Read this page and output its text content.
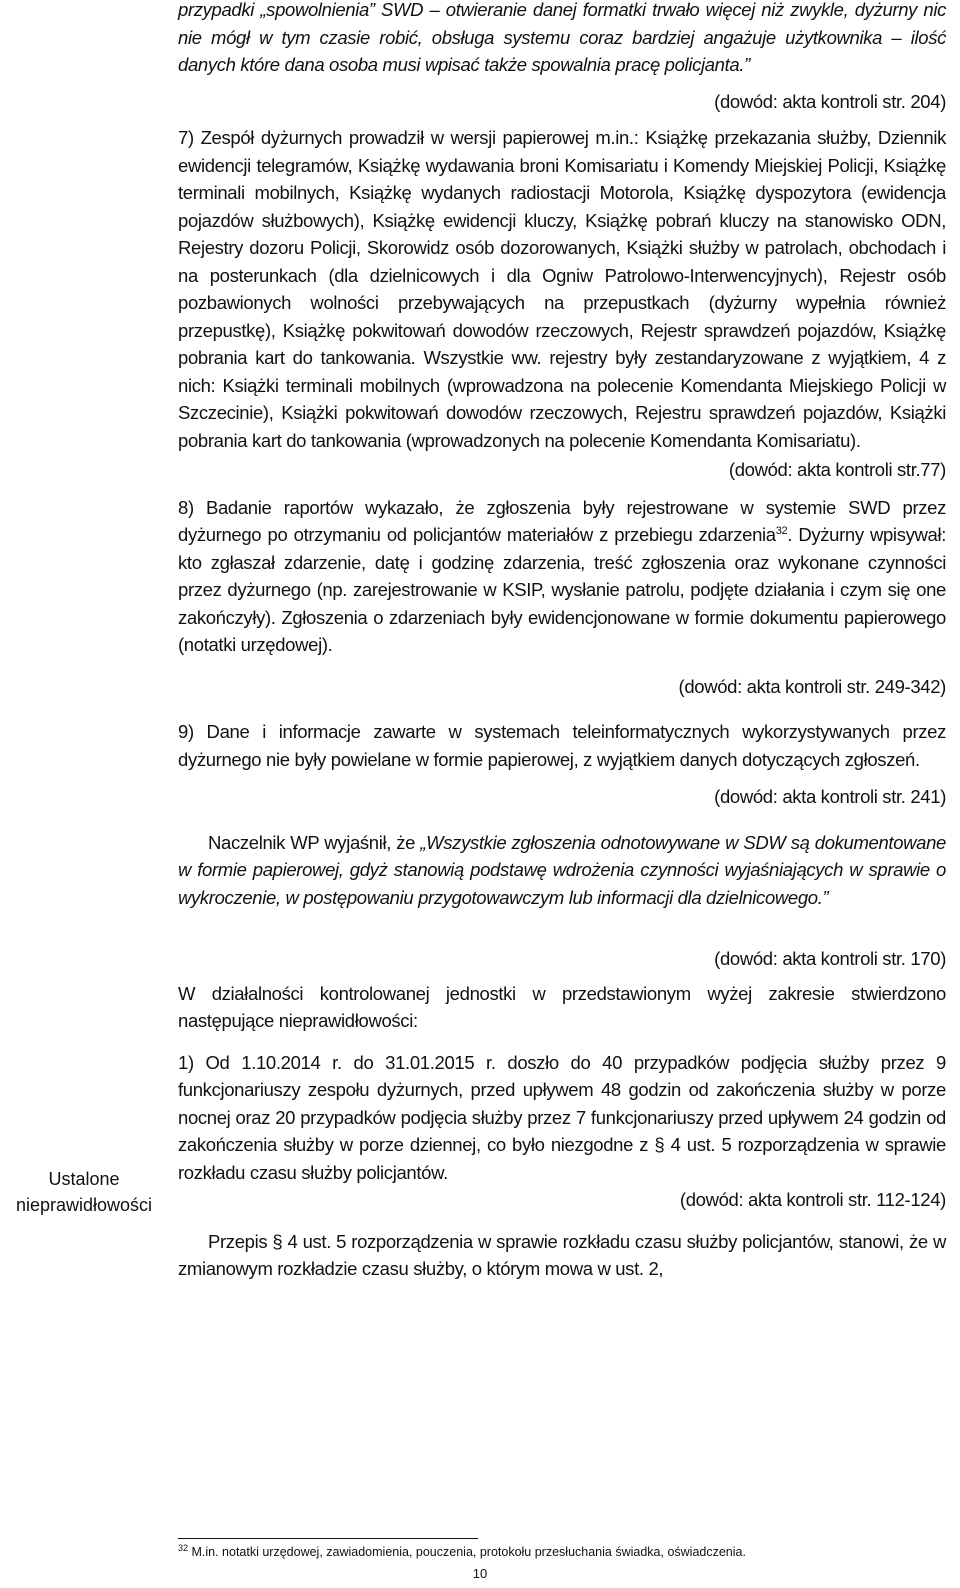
Ustalone
nieprawidłowości

przypadki „spowolnienia” SWD – otwieranie danej formatki trwało więcej niż zwykle, dyżurny nic nie mógł w tym czasie robić, obsługa systemu coraz bardziej angażuje użytkownika – ilość danych które dana osoba musi wpisać także spowalnia pracę policjanta.”

(dowód: akta kontroli str. 204)

7) Zespół dyżurnych prowadził w wersji papierowej m.in.: Książkę przekazania służby, Dziennik ewidencji telegramów, Książkę wydawania broni Komisariatu i Komendy Miejskiej Policji, Książkę terminali mobilnych, Książkę wydanych radiostacji Motorola, Książkę dyspozytora (ewidencja pojazdów służbowych), Książkę ewidencji kluczy, Książkę pobrań kluczy na stanowisko ODN, Rejestry dozoru Policji, Skorowidz osób dozorowanych, Książki służby w patrolach, obchodach i na posterunkach (dla dzielnicowych i dla Ogniw Patrolowo-Interwencyjnych), Rejestr osób pozbawionych wolności przebywających na przepustkach (dyżurny wypełnia również przepustkę), Książkę pokwitowań dowodów rzeczowych, Rejestr sprawdzeń pojazdów, Książkę pobrania kart do tankowania. Wszystkie ww. rejestry były zestandaryzowane z wyjątkiem, 4 z nich: Książki terminali mobilnych (wprowadzona na polecenie Komendanta Miejskiego Policji w Szczecinie), Książki pokwitowań dowodów rzeczowych, Rejestru sprawdzeń pojazdów, Książki pobrania kart do tankowania (wprowadzonych na polecenie Komendanta Komisariatu).

(dowód: akta kontroli str.77)

8) Badanie raportów wykazało, że zgłoszenia były rejestrowane w systemie SWD przez dyżurnego po otrzymaniu od policjantów materiałów z przebiegu zdarzenia$^{32}$. Dyżurny wpisywał: kto zgłaszał zdarzenie, datę i godzinę zdarzenia, treść zgłoszenia oraz wykonane czynności przez dyżurnego (np. zarejestrowanie w KSIP, wysłanie patrolu, podjęte działania i czym się one zakończyły). Zgłoszenia o zdarzeniach były ewidencjonowane w formie dokumentu papierowego (notatki urzędowej).

(dowód: akta kontroli str. 249-342)

9) Dane i informacje zawarte w systemach teleinformatycznych wykorzystywanych przez dyżurnego nie były powielane w formie papierowej, z wyjątkiem danych dotyczących zgłoszeń.

(dowód: akta kontroli str. 241)

Naczelnik WP wyjaśnił, że „Wszystkie zgłoszenia odnotowywane w SDW są dokumentowane w formie papierowej, gdyż stanowią podstawę wdrożenia czynności wyjaśniających w sprawie o wykroczenie, w postępowaniu przygotowawczym lub informacji dla dzielnicowego.”

(dowód: akta kontroli str. 170)

W działalności kontrolowanej jednostki w przedstawionym wyżej zakresie stwierdzono następujące nieprawidłowości:

1) Od 1.10.2014 r. do 31.01.2015 r. doszło do 40 przypadków podjęcia służby przez 9 funkcjonariuszy zespołu dyżurnych, przed upływem 48 godzin od zakończenia służby w porze nocnej oraz 20 przypadków podjęcia służby przez 7 funkcjonariuszy przed upływem 24 godzin od zakończenia służby w porze dziennej, co było niezgodne z § 4 ust. 5 rozporządzenia w sprawie rozkładu czasu służby policjantów.

(dowód: akta kontroli str. 112-124)

Przepis § 4 ust. 5 rozporządzenia w sprawie rozkładu czasu służby policjantów, stanowi, że w zmianowym rozkładzie czasu służby, o którym mowa w ust. 2,

$^{32}$ M.in. notatki urzędowej, zawiadomienia, pouczenia, protokołu przesłuchania świadka, oświadczenia.
10
